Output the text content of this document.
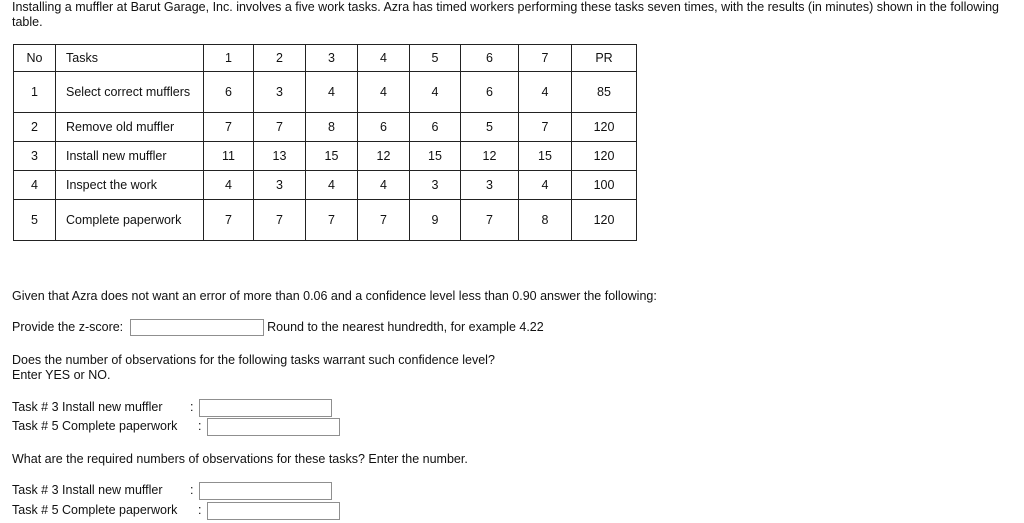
Installing a muffler at Barut Garage, Inc. involves a five work tasks. Azra has timed workers performing these tasks seven times, with the results (in minutes) shown in the following table.
No	Tasks	1	2	3	4	5	6	7	PR
1	Select correct mufflers	6	3	4	4	4	6	4	85
2	Remove old muffler	7	7	8	6	6	5	7	120
3	Install new muffler	11	13	15	12	15	12	15	120
4	Inspect the work	4	3	4	4	3	3	4	100
5	Complete paperwork	7	7	7	7	9	7	8	120
Given that Azra does not want an error of more than 0.06 and a confidence level less than 0.90 answer the following:
Provide the z-score:	Round to the nearest hundredth, for example 4.22
Does the number of observations for the following tasks warrant such confidence level?
Enter YES or NO.
Task # 3 Install new muffler :
Task # 5 Complete paperwork :
What are the required numbers of observations for these tasks? Enter the number.
Task # 3 Install new muffler :
Task # 5 Complete paperwork :
